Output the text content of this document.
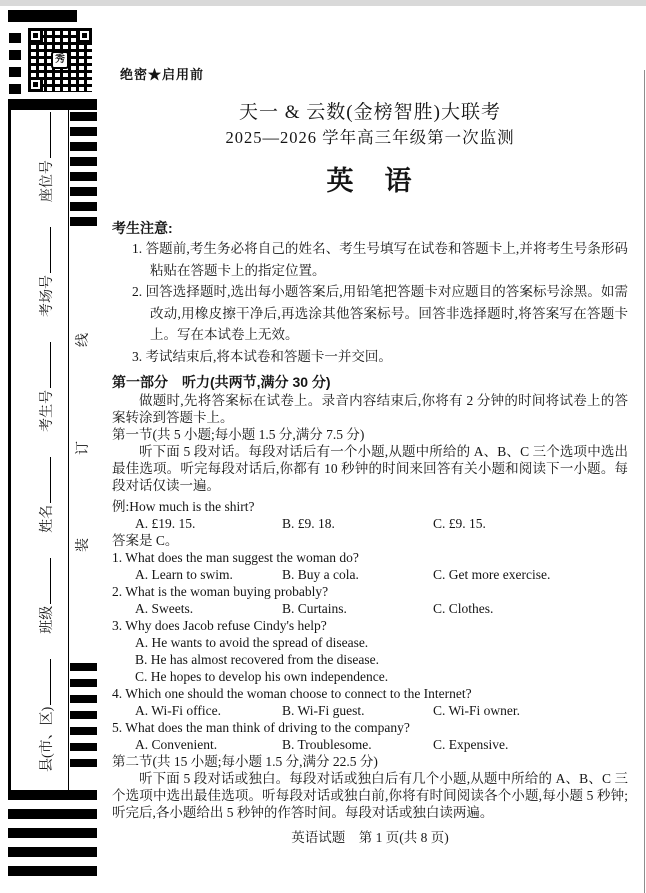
秀
线
订
装
县(市、区)
班级
姓名
考生号
考场号
座位号
绝密★启用前
天一 & 云数(金榜智胜)大联考
2025—2026 学年高三年级第一次监测
英　语
考生注意:
1. 答题前,考生务必将自己的姓名、考生号填写在试卷和答题卡上,并将考生号条形码粘贴在答题卡上的指定位置。
2. 回答选择题时,选出每小题答案后,用铅笔把答题卡对应题目的答案标号涂黑。如需改动,用橡皮擦干净后,再选涂其他答案标号。回答非选择题时,将答案写在答题卡上。写在本试卷上无效。
3. 考试结束后,将本试卷和答题卡一并交回。
第一部分　听力(共两节,满分 30 分)
做题时,先将答案标在试卷上。录音内容结束后,你将有 2 分钟的时间将试卷上的答案转涂到答题卡上。
第一节(共 5 小题;每小题 1.5 分,满分 7.5 分)
听下面 5 段对话。每段对话后有一个小题,从题中所给的 A、B、C 三个选项中选出最佳选项。听完每段对话后,你都有 10 秒钟的时间来回答有关小题和阅读下一小题。每段对话仅读一遍。
例:How much is the shirt?
A. £19. 15.	B. £9. 18.	C. £9. 15.
答案是 C。
1. What does the man suggest the woman do?
A. Learn to swim.	B. Buy a cola.	C. Get more exercise.
2. What is the woman buying probably?
A. Sweets.	B. Curtains.	C. Clothes.
3. Why does Jacob refuse Cindy's help?
A. He wants to avoid the spread of disease.
B. He has almost recovered from the disease.
C. He hopes to develop his own independence.
4. Which one should the woman choose to connect to the Internet?
A. Wi-Fi office.	B. Wi-Fi guest.	C. Wi-Fi owner.
5. What does the man think of driving to the company?
A. Convenient.	B. Troublesome.	C. Expensive.
第二节(共 15 小题;每小题 1.5 分,满分 22.5 分)
听下面 5 段对话或独白。每段对话或独白后有几个小题,从题中所给的 A、B、C 三个选项中选出最佳选项。听每段对话或独白前,你将有时间阅读各个小题,每小题 5 秒钟;听完后,各小题给出 5 秒钟的作答时间。每段对话或独白读两遍。
英语试题　第 1 页(共 8 页)
